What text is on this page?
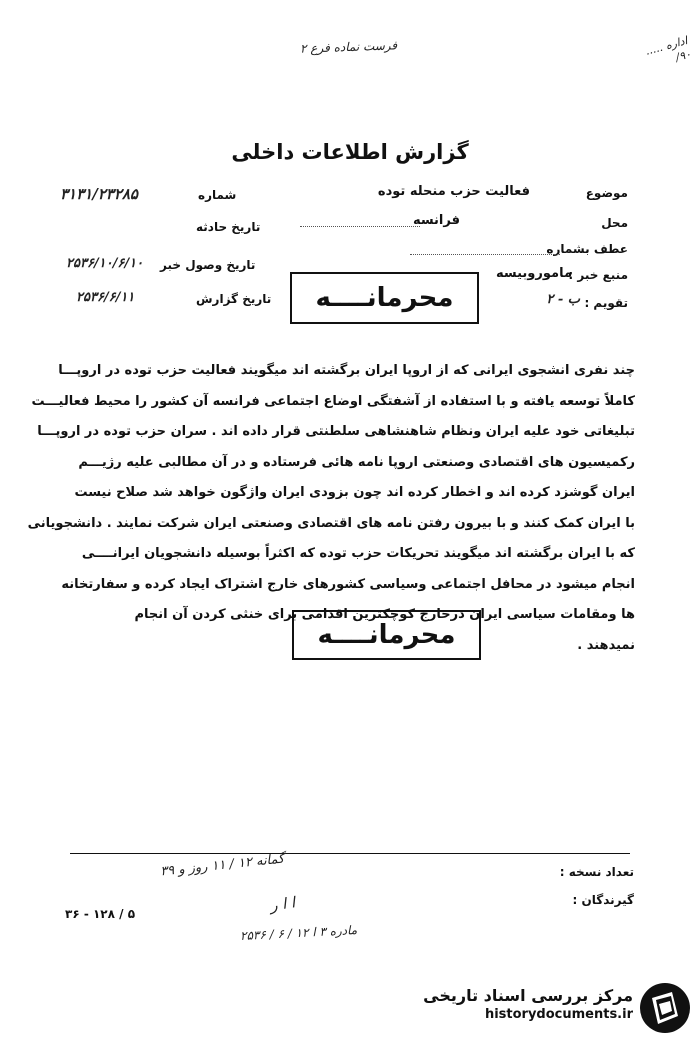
فرست نماده فرع ۲	اداره ..... ۹۰/
گزارش اطلاعات داخلی
موضوع
فعالیت حزب منحله توده
محل
فرانسه
عطف بشماره
منبع خبر :
ماموروبیسه
تقویم :
ب - ۲
شماره
۳۱۳۱/۲۳۲۸۵
تاریخ حادثه
تاریخ وصول خبر
۲۵۳۶/۱۰/۶/۱۰
تاریخ گزارش
۲۵۳۶/۶/۱۱	محرمانــــه
چند نفری انشجوی ایرانی که از اروپا ایران برگشته اند میگویند فعالیت حزب توده در اروپـــا
کاملاً توسعه یافته و با استفاده از آشفتگی اوضاع اجتماعی فرانسه آن کشور را محیط فعالیـــت
تبلیغاتی خود علیه ایران ونظام شاهنشاهی سلطنتی قرار داده اند . سران حزب توده در اروپـــا
رکمیسیون های اقتصادی وصنعتی اروپا نامه هائی فرستاده و در آن مطالبی علیه رژیـــم
ایران گوشزد کرده اند و اخطار کرده اند چون بزودی ایران واژگون خواهد شد صلاح نیست
با ایران کمک کنند و با بیرون رفتن نامه های اقتصادی وصنعتی ایران شرکت نمایند . دانشجویانی
که با ایران برگشته اند میگویند تحریکات حزب توده که اکثراً بوسیله دانشجویان ایرانــــی
انجام میشود در محافل اجتماعی وسیاسی کشورهای خارج اشتراک ایجاد کرده و سفارتخانه
ها ومقامات سیاسی ایران درخارج کوچکترین اقدامی برای خنثی کردن آن انجام
نمیدهند .
محرمانــــه
تعداد نسخه :
گیرندگان :
گمانه ۱۲ / ۱۱ روز و ۳۹
ا ا ر
مادره ۳ ا ۱۲ / ۶ / ۲۵۳۶
۳۶ - ۱۲۸ / ۵
مرکز بررسی اسناد تاریخی
historydocuments.ir
